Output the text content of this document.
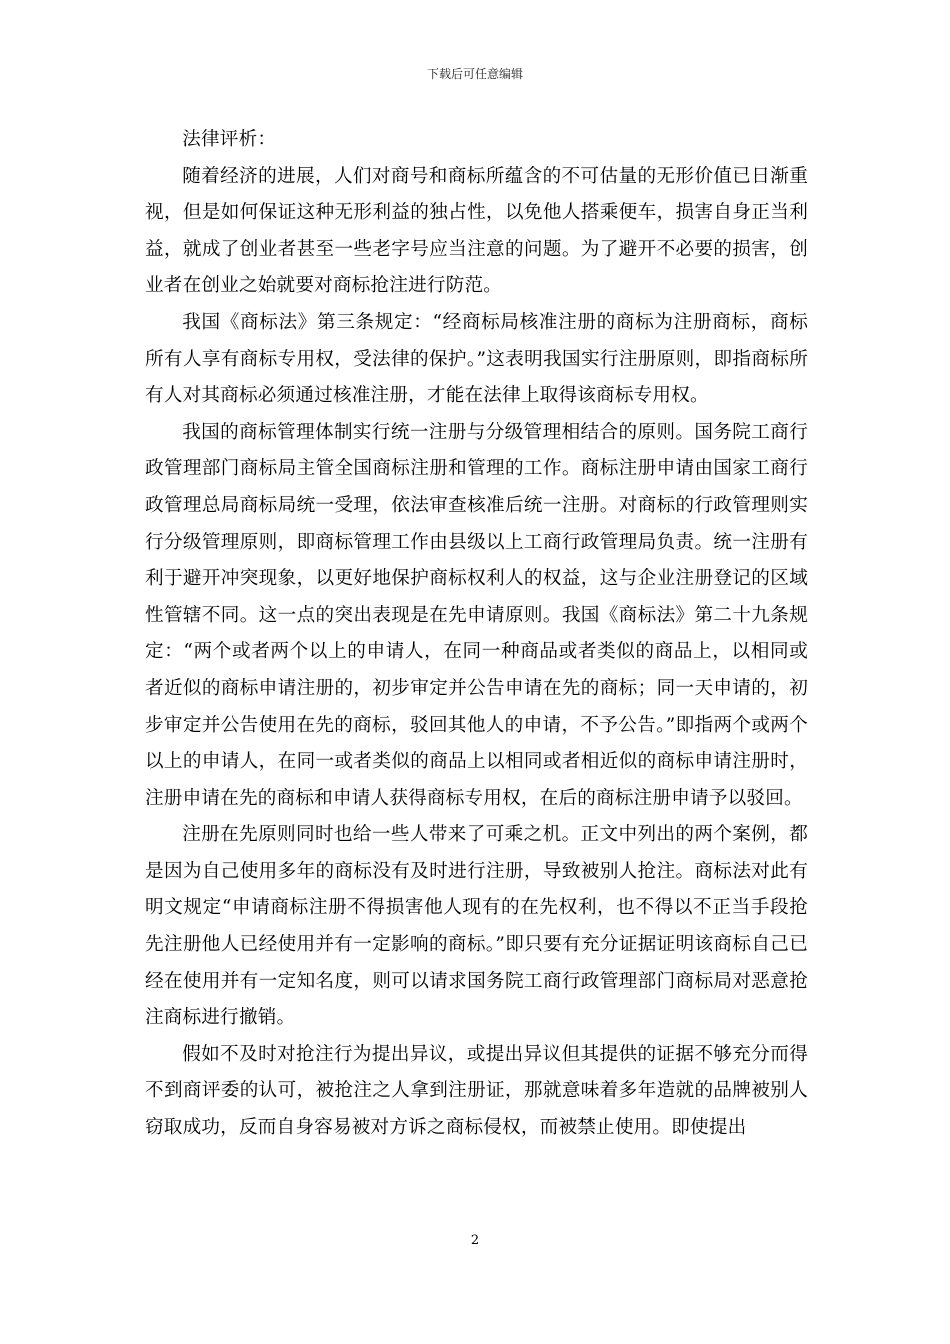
下载后可任意编辑

法律评析：

随着经济的进展，人们对商号和商标所蕴含的不可估量的无形价值已日渐重视，但是如何保证这种无形利益的独占性，以免他人搭乘便车，损害自身正当利益，就成了创业者甚至一些老字号应当注意的问题。为了避开不必要的损害，创业者在创业之始就要对商标抢注进行防范。

我国《商标法》第三条规定：“经商标局核准注册的商标为注册商标，商标所有人享有商标专用权，受法律的保护。”这表明我国实行注册原则，即指商标所有人对其商标必须通过核准注册，才能在法律上取得该商标专用权。

我国的商标管理体制实行统一注册与分级管理相结合的原则。国务院工商行政管理部门商标局主管全国商标注册和管理的工作。商标注册申请由国家工商行政管理总局商标局统一受理，依法审查核准后统一注册。对商标的行政管理则实行分级管理原则，即商标管理工作由县级以上工商行政管理局负责。统一注册有利于避开冲突现象，以更好地保护商标权利人的权益，这与企业注册登记的区域性管辖不同。这一点的突出表现是在先申请原则。我国《商标法》第二十九条规定：“两个或者两个以上的申请人，在同一种商品或者类似的商品上，以相同或者近似的商标申请注册的，初步审定并公告申请在先的商标；同一天申请的，初步审定并公告使用在先的商标，驳回其他人的申请，不予公告。”即指两个或两个以上的申请人，在同一或者类似的商品上以相同或者相近似的商标申请注册时，注册申请在先的商标和申请人获得商标专用权，在后的商标注册申请予以驳回。

注册在先原则同时也给一些人带来了可乘之机。正文中列出的两个案例，都是因为自己使用多年的商标没有及时进行注册，导致被别人抢注。商标法对此有明文规定“申请商标注册不得损害他人现有的在先权利，也不得以不正当手段抢先注册他人已经使用并有一定影响的商标。”即只要有充分证据证明该商标自己已经在使用并有一定知名度，则可以请求国务院工商行政管理部门商标局对恶意抢注商标进行撤销。

假如不及时对抢注行为提出异议，或提出异议但其提供的证据不够充分而得不到商评委的认可，被抢注之人拿到注册证，那就意味着多年造就的品牌被别人窃取成功，反而自身容易被对方诉之商标侵权，而被禁止使用。即使提出

2
